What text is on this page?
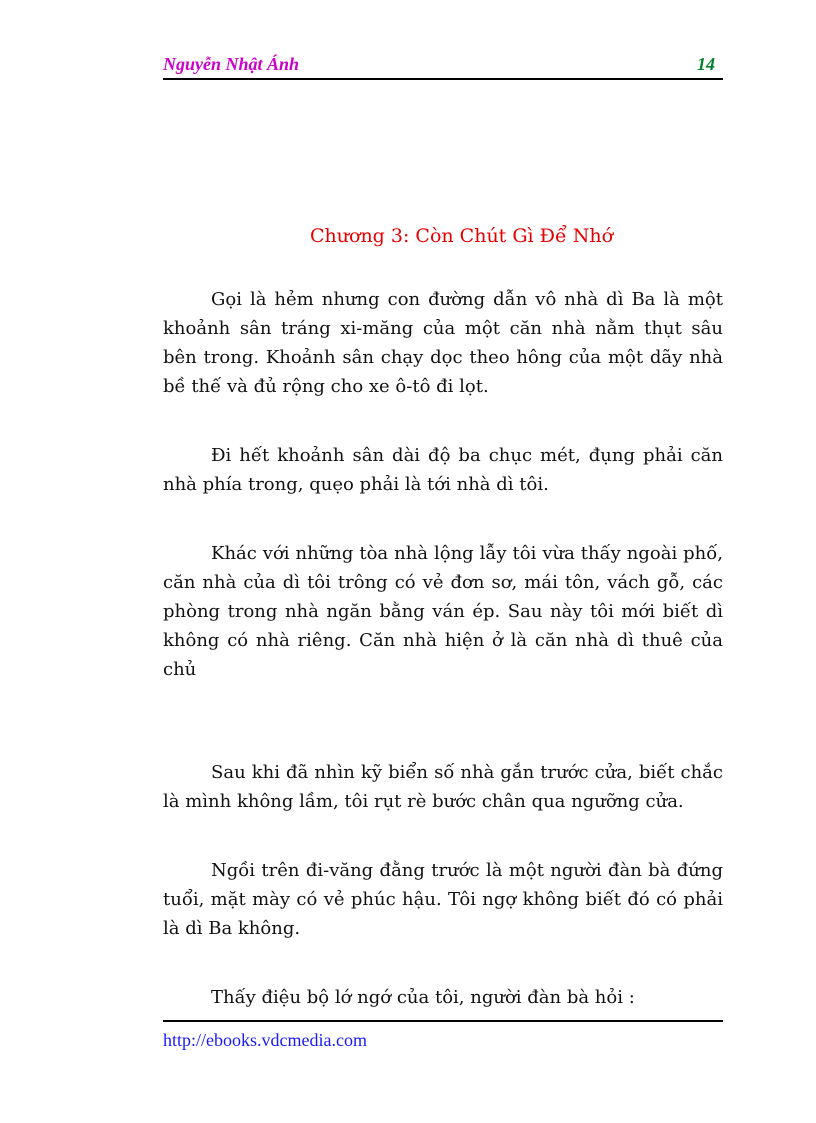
Nguyễn Nhật Ánh	14
Chương 3: Còn Chút Gì Để Nhớ

Gọi là hẻm nhưng con đường dẫn vô nhà dì Ba là một khoảnh sân tráng xi-măng của một căn nhà nằm thụt sâu bên trong. Khoảnh sân chạy dọc theo hông của một dãy nhà bề thế và đủ rộng cho xe ô-tô đi lọt.

Đi hết khoảnh sân dài độ ba chục mét, đụng phải căn nhà phía trong, quẹo phải là tới nhà dì tôi.

Khác với những tòa nhà lộng lẫy tôi vừa thấy ngoài phố, căn nhà của dì tôi trông có vẻ đơn sơ, mái tôn, vách gỗ, các phòng trong nhà ngăn bằng ván ép. Sau này tôi mới biết dì không có nhà riêng. Căn nhà hiện ở là căn nhà dì thuê của chủ

Sau khi đã nhìn kỹ biển số nhà gắn trước cửa, biết chắc là mình không lầm, tôi rụt rè bước chân qua ngưỡng cửa.

Ngồi trên đi-văng đằng trước là một người đàn bà đứng tuổi, mặt mày có vẻ phúc hậu. Tôi ngợ không biết đó có phải là dì Ba không.

Thấy điệu bộ lớ ngớ của tôi, người đàn bà hỏi :

http://ebooks.vdcmedia.com
